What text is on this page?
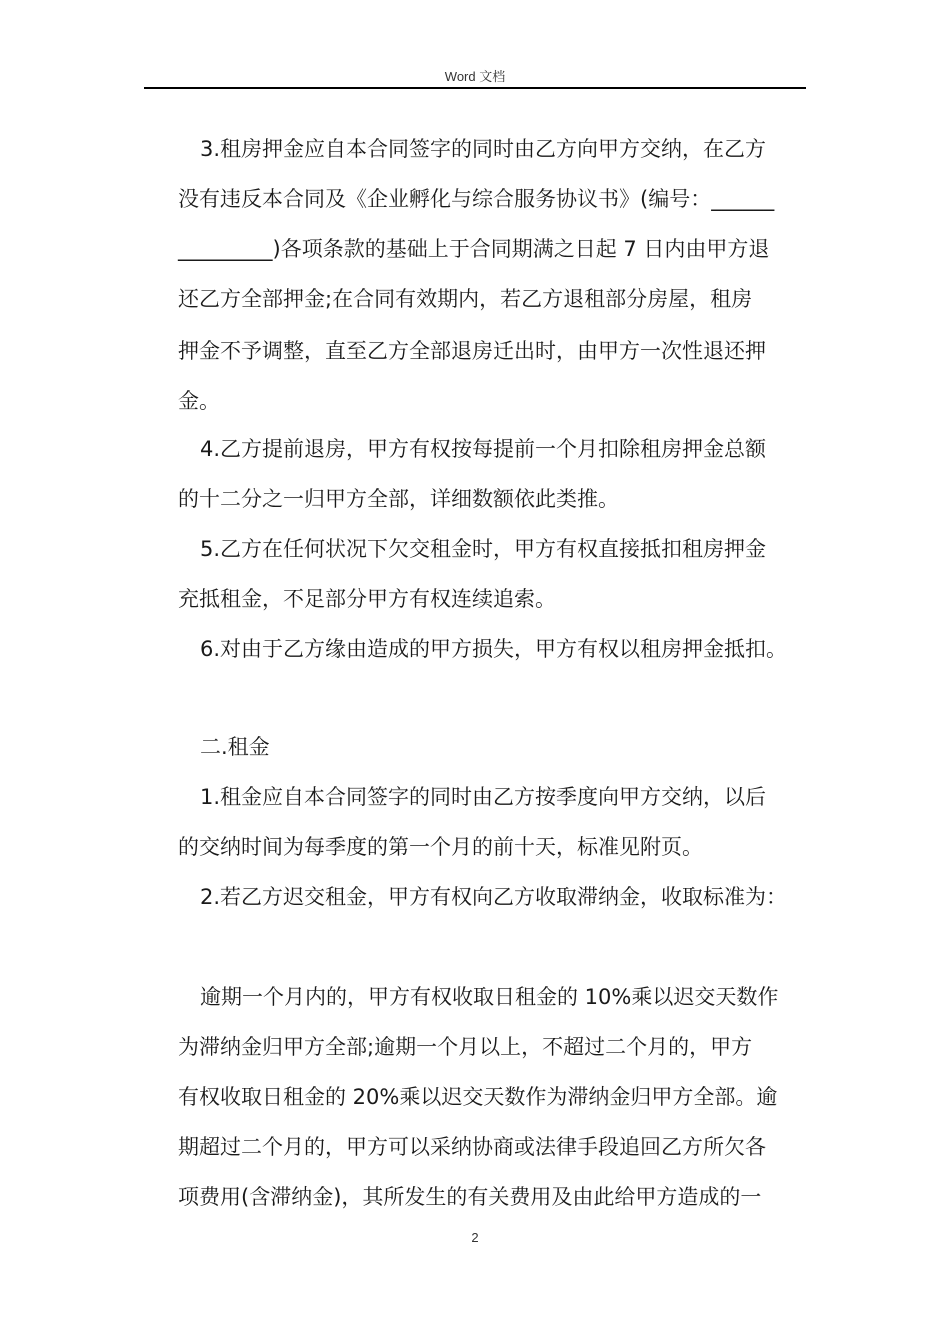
Word 文档
3.租房押金应自本合同签字的同时由乙方向甲方交纳，在乙方
没有违反本合同及《企业孵化与综合服务协议书》(编号：______
_________)各项条款的基础上于合同期满之日起 7 日内由甲方退
还乙方全部押金;在合同有效期内，若乙方退租部分房屋，租房
押金不予调整，直至乙方全部退房迁出时，由甲方一次性退还押
金。
4.乙方提前退房，甲方有权按每提前一个月扣除租房押金总额
的十二分之一归甲方全部，详细数额依此类推。
5.乙方在任何状况下欠交租金时，甲方有权直接抵扣租房押金
充抵租金，不足部分甲方有权连续追索。
6.对由于乙方缘由造成的甲方损失，甲方有权以租房押金抵扣。
二.租金
1.租金应自本合同签字的同时由乙方按季度向甲方交纳，以后
的交纳时间为每季度的第一个月的前十天，标准见附页。
2.若乙方迟交租金，甲方有权向乙方收取滞纳金，收取标准为：
逾期一个月内的，甲方有权收取日租金的 10%乘以迟交天数作
为滞纳金归甲方全部;逾期一个月以上，不超过二个月的，甲方
有权收取日租金的 20%乘以迟交天数作为滞纳金归甲方全部。逾
期超过二个月的，甲方可以采纳协商或法律手段追回乙方所欠各
项费用(含滞纳金)，其所发生的有关费用及由此给甲方造成的一
2
